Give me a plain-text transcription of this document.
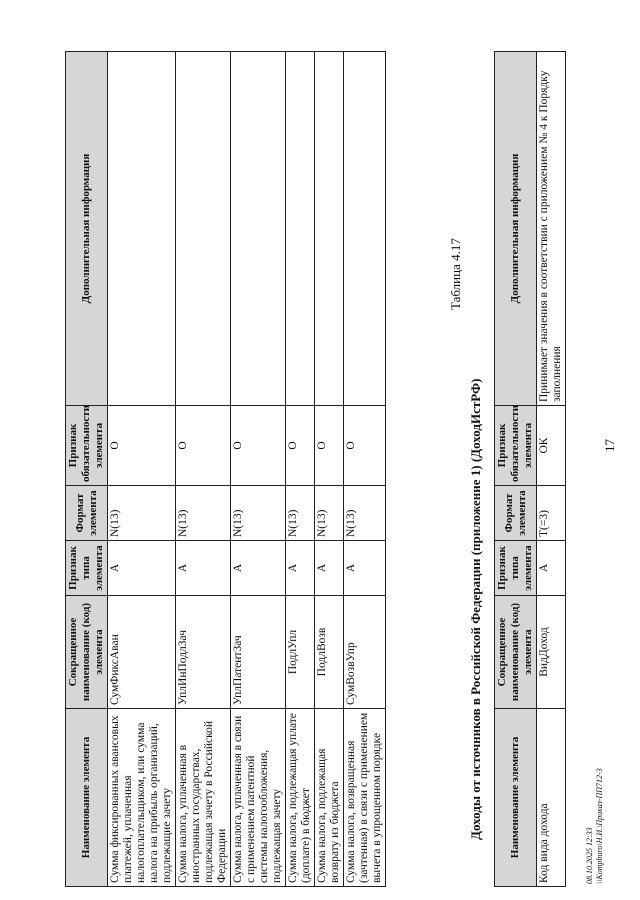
Наименование элемента	Сокращенное наименование (код) элемента	Признак типа элемента	Формат элемента	Признак обязательности элемента	Дополнительная информация
Сумма фиксированных авансовых платежей, уплаченная налогоплательщиком, или сумма налога на прибыль организаций, подлежащие зачету	СумФиксАван	А	N(13)	О	
Сумма налога, уплаченная в иностранных государствах, подлежащая зачету в Российской Федерации	УплИнПодлЗач	А	N(13)	О	
Сумма налога, уплаченная в связи с применением патентной системы налогообложения, подлежащая зачету	УплПатентЗач	А	N(13)	О	
Сумма налога, подлежащая уплате (доплате) в бюджет	ПодлУпл	А	N(13)	О	
Сумма налога, подлежащая возврату из бюджета	ПодлВозв	А	N(13)	О	
Сумма налога, возвращенная (зачтенная) в связи с применением вычета в упрощенном порядке	СумВозвУпр	А	N(13)	О		17
Таблица 4.17
Доходы от источников в Российской Федерации (приложение 1) (ДоходИстРФ) Наименование элемента	Сокращенное наименование (код) элемента	Признак типа элемента	Формат элемента	Признак обязательности элемента	Дополнительная информация
Код вида дохода	ВидДоход	А	T(=3)	ОК	Принимает значения в соответствии с приложением № 4 к Порядку заполнения
08.10.2025 12:33 \\Kompburo\Н.И.\Приказ-ПП712-3
